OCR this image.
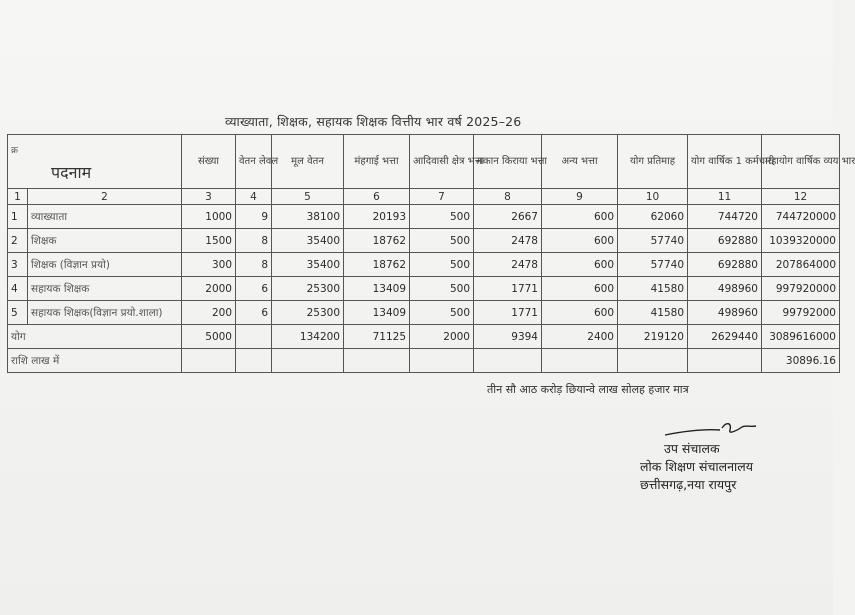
व्याख्याता, शिक्षक, सहायक शिक्षक वित्तीय भार वर्ष 2025–26
क्र
पदनाम		संख्या	वेतन लेवल	मूल वेतन	मंहगाई भत्ता	आदिवासी क्षेत्र भत्ता	मकान किराया भत्ता	अन्य भत्ता	योग प्रतिमाह	योग वार्षिक 1 कर्मचारी	महायोग वार्षिक व्यय भार
1	2	3	4	5	6	7	8	9	10	11	12
1	व्याख्याता	1000	9	38100	20193	500	2667	600	62060	744720	744720000
2	शिक्षक	1500	8	35400	18762	500	2478	600	57740	692880	1039320000
3	शिक्षक (विज्ञान प्रयो)	300	8	35400	18762	500	2478	600	57740	692880	207864000
4	सहायक शिक्षक	2000	6	25300	13409	500	1771	600	41580	498960	997920000
5	सहायक शिक्षक(विज्ञान प्रयो.शाला)	200	6	25300	13409	500	1771	600	41580	498960	99792000
योग		5000		134200	71125	2000	9394	2400	219120	2629440	3089616000
राशि लाख में											30896.16
तीन सौ आठ करोड़ छियान्वे लाख सोलह हजार मात्र
उप संचालक
लोक शिक्षण संचालनालय
छत्तीसगढ़,नया रायपुर
